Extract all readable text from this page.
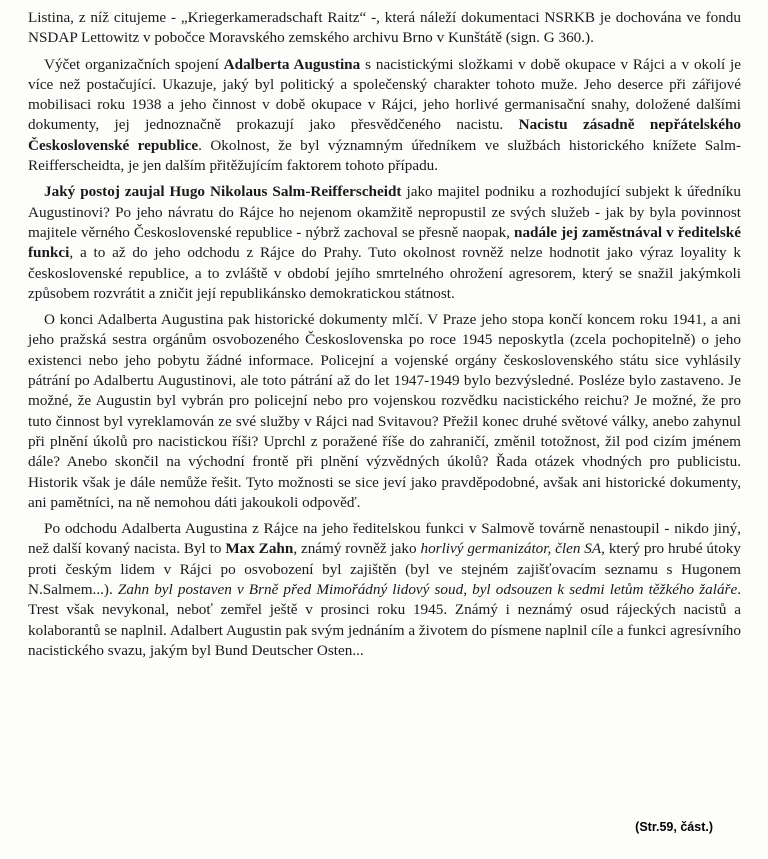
Listina, z níž citujeme - „Kriegerkameradschaft Raitz“ -, která náleží dokumentaci NSRKB je dochována ve fondu NSDAP Lettowitz v pobočce Moravského zemského archivu Brno v Kunštátě (sign. G 360.).

Výčet organizačních spojení Adalberta Augustina s nacistickými složkami v době okupace v Rájci a v okolí je více než postačující. Ukazuje, jaký byl politický a společenský charakter tohoto muže. Jeho deserce při zářijové mobilisaci roku 1938 a jeho činnost v době okupace v Rájci, jeho horlivé germanisační snahy, doložené dalšími dokumenty, jej jednoznačně prokazují jako přesvědčeného nacistu. Nacistu zásadně nepřátelského Československé republice. Okolnost, že byl významným úředníkem ve službách historického knížete Salm-Reifferscheidta, je jen dalším přitěžujícím faktorem tohoto případu.

Jaký postoj zaujal Hugo Nikolaus Salm-Reifferscheidt jako majitel podniku a rozhodující subjekt k úředníku Augustinovi? Po jeho návratu do Rájce ho nejenom okamžitě nepropustil ze svých služeb - jak by byla povinnost majitele věrného Československé republice - nýbrž zachoval se přesně naopak, nadále jej zaměstnával v ředitelské funkci, a to až do jeho odchodu z Rájce do Prahy. Tuto okolnost rovněž nelze hodnotit jako výraz loyality k československé republice, a to zvláště v období jejího smrtelného ohrožení agresorem, který se snažil jakýmkoli způsobem rozvrátit a zničit její republikánsko demokratickou státnost.

O konci Adalberta Augustina pak historické dokumenty mlčí. V Praze jeho stopa končí koncem roku 1941, a ani jeho pražská sestra orgánům osvobozeného Československa po roce 1945 neposkytla (zcela pochopitelně) o jeho existenci nebo jeho pobytu žádné informace. Policejní a vojenské orgány československého státu sice vyhlásily pátrání po Adalbertu Augustinovi, ale toto pátrání až do let 1947-1949 bylo bezvýsledné. Posléze bylo zastaveno. Je možné, že Augustin byl vybrán pro policejní nebo pro vojenskou rozvědku nacistického reichu? Je možné, že pro tuto činnost byl vyreklamován ze své služby v Rájci nad Svitavou? Přežil konec druhé světové války, anebo zahynul při plnění úkolů pro nacistickou říši? Uprchl z poražené říše do zahraničí, změnil totožnost, žil pod cizím jménem dále? Anebo skončil na východní frontě při plnění výzvědných úkolů? Řada otázek vhodných pro publicistu. Historik však je dále nemůže řešit. Tyto možnosti se sice jeví jako pravděpodobné, avšak ani historické dokumenty, ani pamětníci, na ně nemohou dáti jakoukoli odpověď.

Po odchodu Adalberta Augustina z Rájce na jeho ředitelskou funkci v Salmově továrně nenastoupil - nikdo jiný, než další kovaný nacista. Byl to Max Zahn, známý rovněž jako horlivý germanizátor, člen SA, který pro hrubé útoky proti českým lidem v Rájci po osvobození byl zajištěn (byl ve stejném zajišťovacím seznamu s Hugonem N.Salmem...). Zahn byl postaven v Brně před Mimořádný lidový soud, byl odsouzen k sedmi letům těžkého žaláře. Trest však nevykonal, neboť zemřel ještě v prosinci roku 1945. Známý i neznámý osud rájeckých nacistů a kolaborantů se naplnil. Adalbert Augustin pak svým jednáním a životem do písmene naplnil cíle a funkci agresívního nacistického svazu, jakým byl Bund Deutscher Osten...

(Str.59, část.)
